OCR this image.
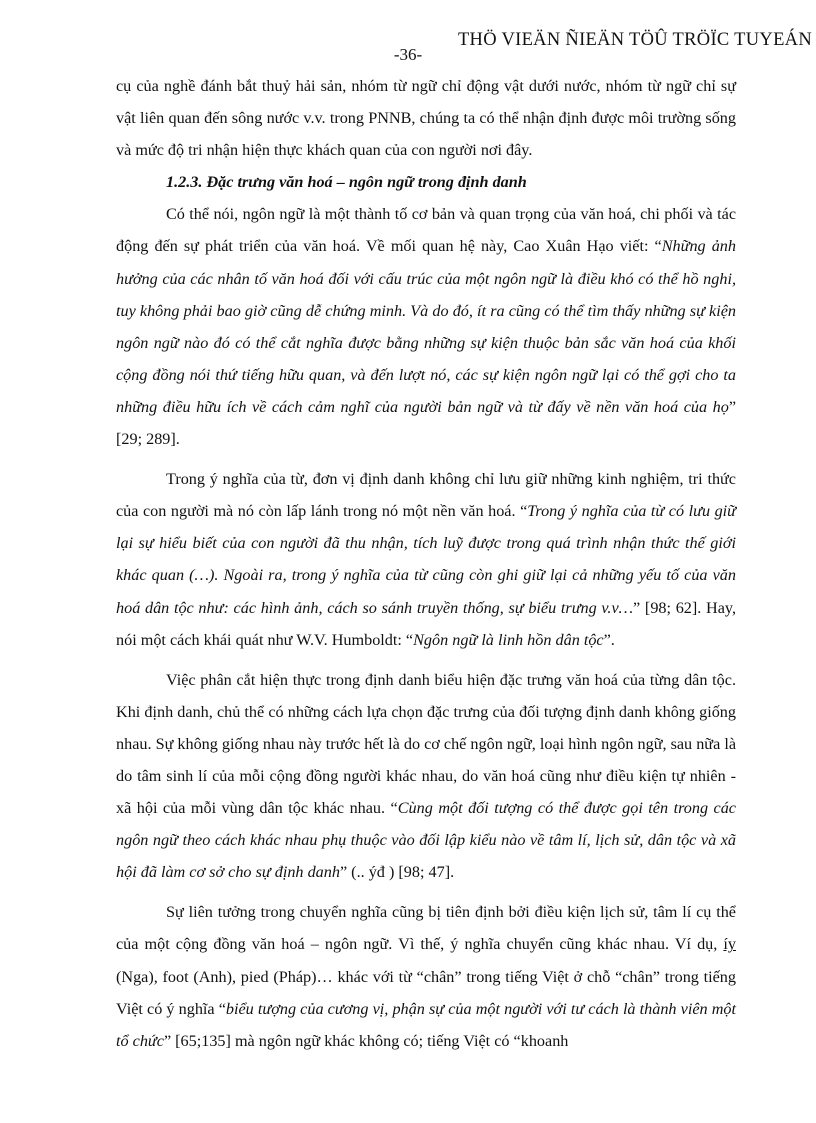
THÖ VIEÄN ÑIEÄN TÖÛ TRÖÏC TUYEÁN
-36-

cụ của nghề đánh bắt thuỷ hải sản, nhóm từ ngữ chỉ động vật dưới nước, nhóm từ ngữ chỉ sự vật liên quan đến sông nước v.v. trong PNNB, chúng ta có thể nhận định được môi trường sống và mức độ tri nhận hiện thực khách quan của con người nơi đây.

1.2.3. Đặc trưng văn hoá – ngôn ngữ trong định danh

Có thể nói, ngôn ngữ là một thành tố cơ bản và quan trọng của văn hoá, chi phối và tác động đến sự phát triển của văn hoá. Về mối quan hệ này, Cao Xuân Hạo viết: “Những ảnh hưởng của các nhân tố văn hoá đối với cấu trúc của một ngôn ngữ là điều khó có thể hồ nghi, tuy không phải bao giờ cũng dễ chứng minh. Và do đó, ít ra cũng có thể tìm thấy những sự kiện ngôn ngữ nào đó có thể cắt nghĩa được bằng những sự kiện thuộc bản sắc văn hoá của khối cộng đồng nói thứ tiếng hữu quan, và đến lượt nó, các sự kiện ngôn ngữ lại có thể gợi cho ta những điều hữu ích về cách cảm nghĩ của người bản ngữ và từ đấy về nền văn hoá của họ” [29; 289].

Trong ý nghĩa của từ, đơn vị định danh không chỉ lưu giữ những kinh nghiệm, tri thức của con người mà nó còn lấp lánh trong nó một nền văn hoá. “Trong ý nghĩa của từ có lưu giữ lại sự hiểu biết của con người đã thu nhận, tích luỹ được trong quá trình nhận thức thế giới khác quan (…). Ngoài ra, trong ý nghĩa của từ cũng còn ghi giữ lại cả những yếu tố của văn hoá dân tộc như: các hình ảnh, cách so sánh truyền thống, sự biểu trưng v.v…” [98; 62]. Hay, nói một cách khái quát như W.V. Humboldt: “Ngôn ngữ là linh hồn dân tộc”.

Việc phân cắt hiện thực trong định danh biểu hiện đặc trưng văn hoá của từng dân tộc. Khi định danh, chủ thể có những cách lựa chọn đặc trưng của đối tượng định danh không giống nhau. Sự không giống nhau này trước hết là do cơ chế ngôn ngữ, loại hình ngôn ngữ, sau nữa là do tâm sinh lí của mỗi cộng đồng người khác nhau, do văn hoá cũng như điều kiện tự nhiên - xã hội của mỗi vùng dân tộc khác nhau. “Cùng một đối tượng có thể được gọi tên trong các ngôn ngữ theo cách khác nhau phụ thuộc vào đối lập kiểu nào về tâm lí, lịch sử, dân tộc và xã hội đã làm cơ sở cho sự định danh” (.. ýđ ) [98; 47].

Sự liên tưởng trong chuyển nghĩa cũng bị tiên định bởi điều kiện lịch sử, tâm lí cụ thể của một cộng đồng văn hoá – ngôn ngữ. Vì thế, ý nghĩa chuyển cũng khác nhau. Ví dụ, íy (Nga), foot (Anh), pied (Pháp)… khác với từ “chân” trong tiếng Việt ở chỗ “chân” trong tiếng Việt có ý nghĩa “biểu tượng của cương vị, phận sự của một người với tư cách là thành viên một tổ chức” [65;135] mà ngôn ngữ khác không có; tiếng Việt có “khoanh
